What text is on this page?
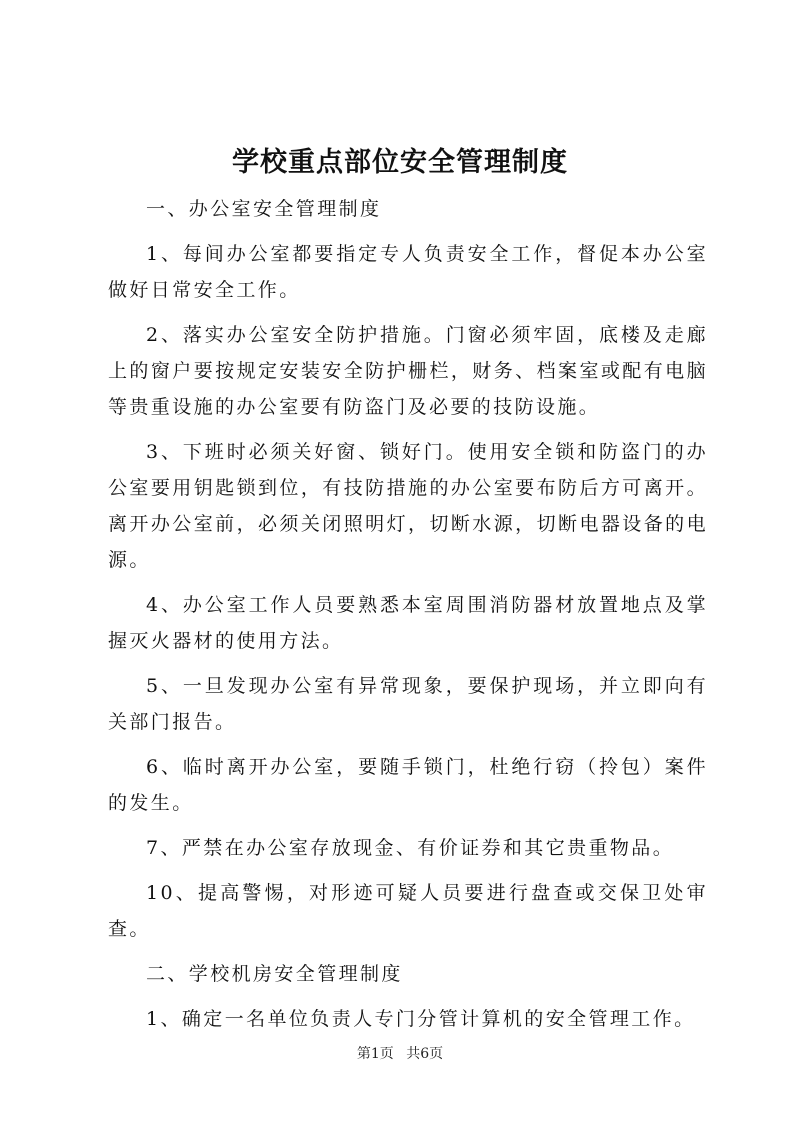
学校重点部位安全管理制度

一、办公室安全管理制度

1、每间办公室都要指定专人负责安全工作，督促本办公室做好日常安全工作。

2、落实办公室安全防护措施。门窗必须牢固，底楼及走廊上的窗户要按规定安装安全防护栅栏，财务、档案室或配有电脑等贵重设施的办公室要有防盗门及必要的技防设施。

3、下班时必须关好窗、锁好门。使用安全锁和防盗门的办公室要用钥匙锁到位，有技防措施的办公室要布防后方可离开。离开办公室前，必须关闭照明灯，切断水源，切断电器设备的电源。

4、办公室工作人员要熟悉本室周围消防器材放置地点及掌握灭火器材的使用方法。

5、一旦发现办公室有异常现象，要保护现场，并立即向有关部门报告。

6、临时离开办公室，要随手锁门，杜绝行窃（拎包）案件的发生。

7、严禁在办公室存放现金、有价证券和其它贵重物品。

10、提高警惕，对形迹可疑人员要进行盘查或交保卫处审查。

二、学校机房安全管理制度

1、确定一名单位负责人专门分管计算机的安全管理工作。

第1页 共6页
